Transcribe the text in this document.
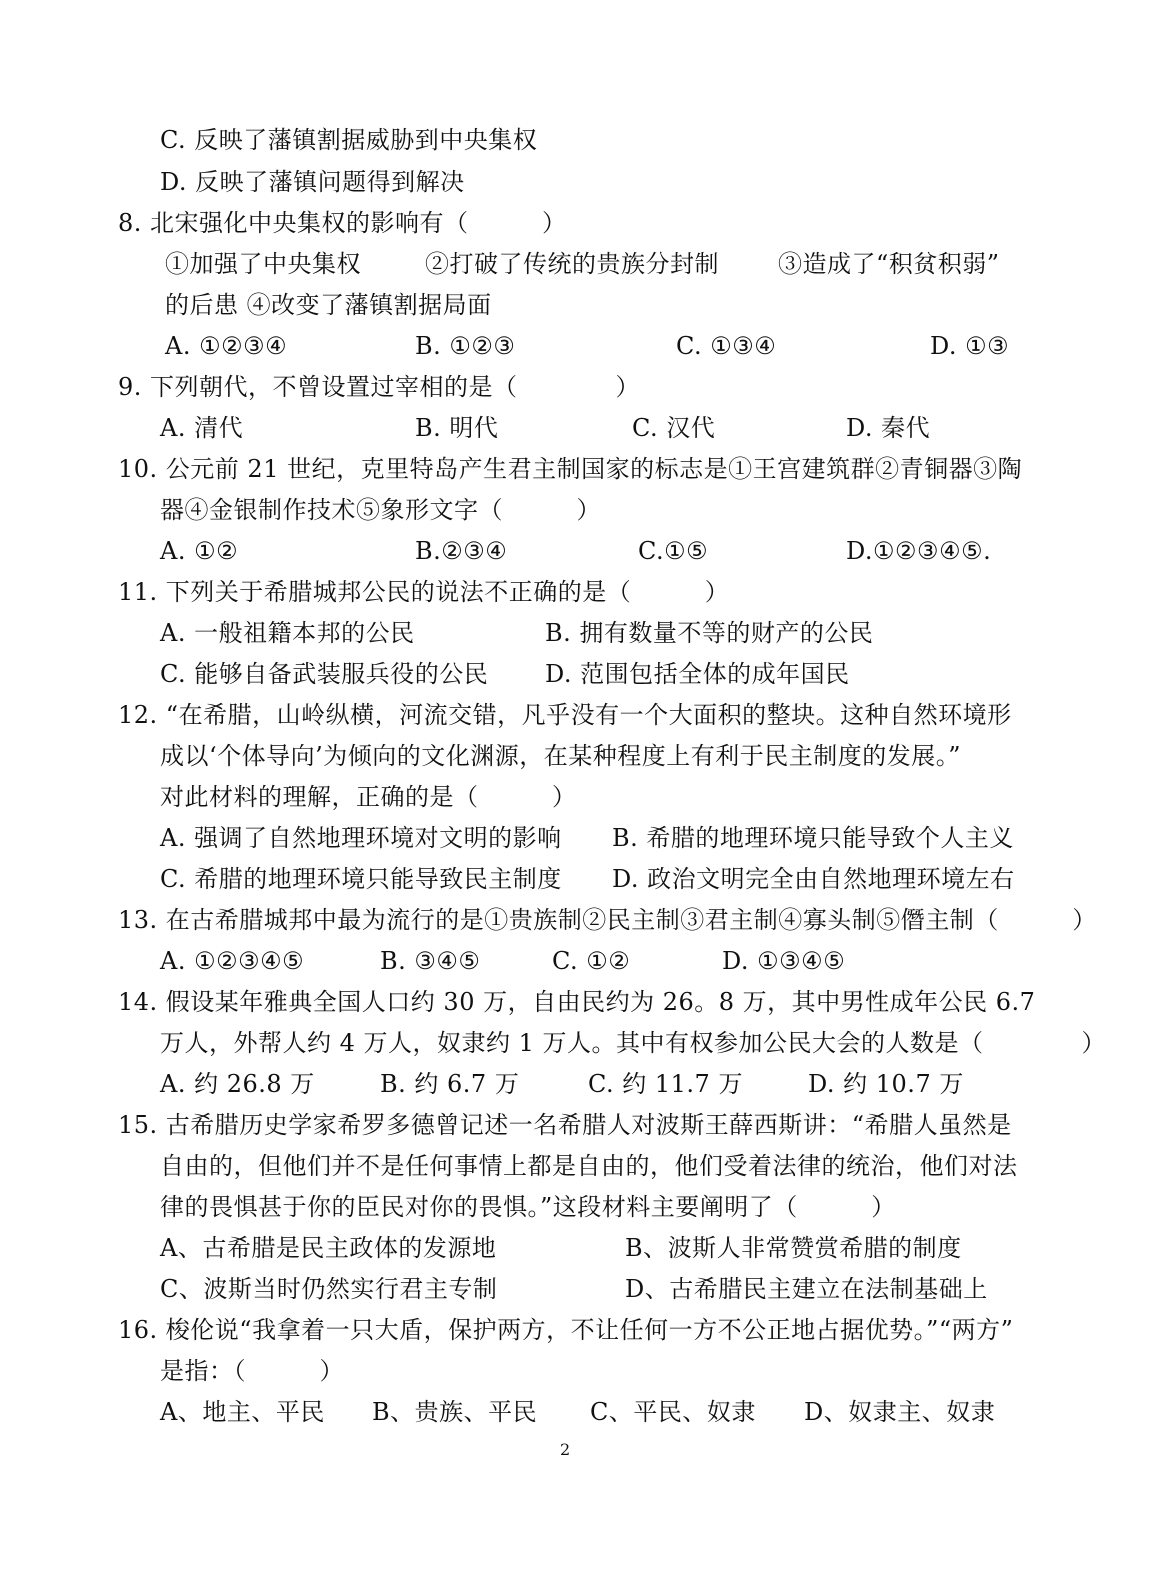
C. 反映了藩镇割据威胁到中央集权
D. 反映了藩镇问题得到解决
8. 北宋强化中央集权的影响有（　　　）
①加强了中央集权	②打破了传统的贵族分封制 ③造成了“积贫积弱”
的后患 ④改变了藩镇割据局面
A. ①②③④	B. ①②③	C. ①③④	D. ①③
9. 下列朝代，不曾设置过宰相的是（　　　　）
A. 清代	B. 明代	C. 汉代	D. 秦代
10. 公元前 21 世纪，克里特岛产生君主制国家的标志是①王宫建筑群②青铜器③陶
器④金银制作技术⑤象形文字（　　　）
A. ①②	B.②③④	C.①⑤	D.①②③④⑤.
11. 下列关于希腊城邦公民的说法不正确的是（　　　）
A. 一般祖籍本邦的公民	B. 拥有数量不等的财产的公民
C. 能够自备武装服兵役的公民 D. 范围包括全体的成年国民
12. “在希腊，山岭纵横，河流交错，凡乎没有一个大面积的整块。这种自然环境形
成以‘个体导向’为倾向的文化渊源，在某种程度上有利于民主制度的发展。”
对此材料的理解，正确的是（　　　）
A. 强调了自然地理环境对文明的影响 B. 希腊的地理环境只能导致个人主义
C. 希腊的地理环境只能导致民主制度 D. 政治文明完全由自然地理环境左右
13. 在古希腊城邦中最为流行的是①贵族制②民主制③君主制④寡头制⑤僭主制（　　　）
A. ①②③④⑤	B. ③④⑤	C. ①②	D. ①③④⑤
14. 假设某年雅典全国人口约 30 万，自由民约为 26。8 万，其中男性成年公民 6.7
万人，外帮人约 4 万人，奴隶约 1 万人。其中有权参加公民大会的人数是（　　　　）
A. 约 26.8 万	B. 约 6.7 万	C. 约 11.7 万	D. 约 10.7 万
15. 古希腊历史学家希罗多德曾记述一名希腊人对波斯王薛西斯讲：“希腊人虽然是
自由的，但他们并不是任何事情上都是自由的，他们受着法律的统治，他们对法
律的畏惧甚于你的臣民对你的畏惧。”这段材料主要阐明了（　　　）
A、古希腊是民主政体的发源地	B、波斯人非常赞赏希腊的制度
C、波斯当时仍然实行君主专制	D、古希腊民主建立在法制基础上
16. 梭伦说“我拿着一只大盾，保护两方，不让任何一方不公正地占据优势。”“两方”
是指：（　　　）
A、地主、平民 B、贵族、平民 C、平民、奴隶 D、奴隶主、奴隶
2
